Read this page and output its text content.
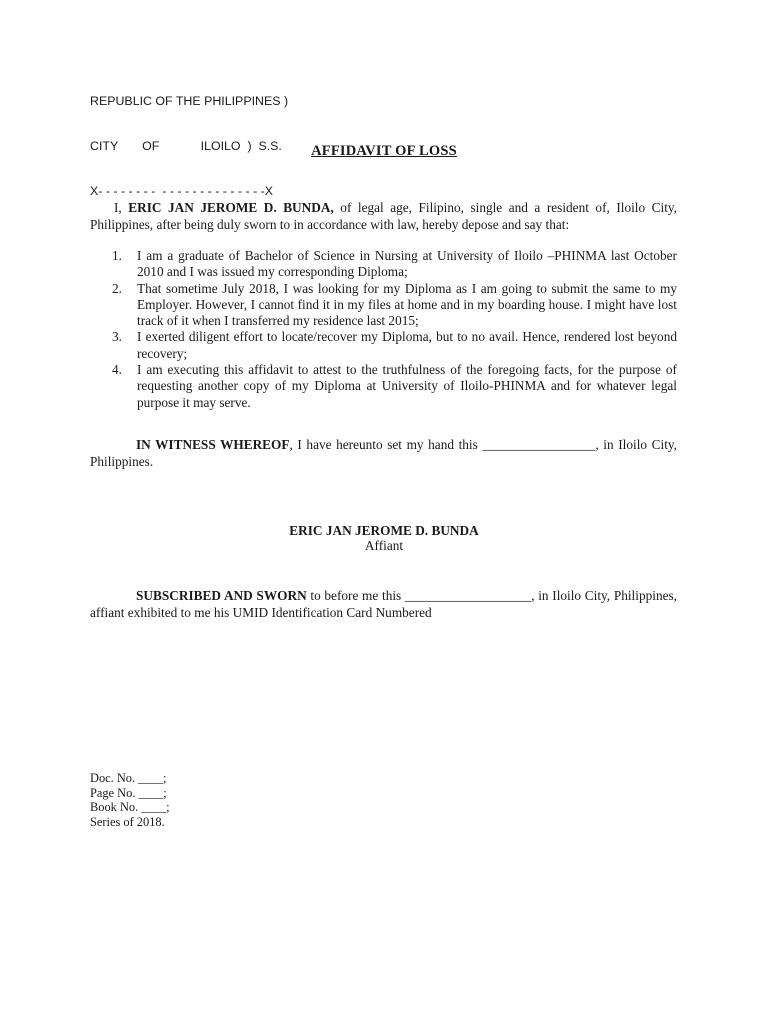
REPUBLIC OF THE PHILIPPINES )

CITY       OF            ILOILO  )  S.S.

X- - - - - - - -  - - - - - - - - - - - - - -X

AFFIDAVIT OF LOSS
I, ERIC JAN JEROME D. BUNDA, of legal age, Filipino, single and a resident of, Iloilo City, Philippines, after being duly sworn to in accordance with law, hereby depose and say that:
1. I am a graduate of Bachelor of Science in Nursing at University of Iloilo –PHINMA last October 2010 and I was issued my corresponding Diploma;
2. That sometime July 2018, I was looking for my Diploma as I am going to submit the same to my Employer. However, I cannot find it in my files at home and in my boarding house. I might have lost track of it when I transferred my residence last 2015;
3. I exerted diligent effort to locate/recover my Diploma, but to no avail. Hence, rendered lost beyond recovery;
4. I am executing this affidavit to attest to the truthfulness of the foregoing facts, for the purpose of requesting another copy of my Diploma at University of Iloilo-PHINMA and for whatever legal purpose it may serve.
IN WITNESS WHEREOF, I have hereunto set my hand this _________________, in Iloilo City, Philippines.
ERIC JAN JEROME D. BUNDA
Affiant
SUBSCRIBED AND SWORN to before me this ___________________, in Iloilo City, Philippines, affiant exhibited to me his UMID Identification Card Numbered
Doc. No. ____;
Page No. ____;
Book No. ____;
Series of 2018.
